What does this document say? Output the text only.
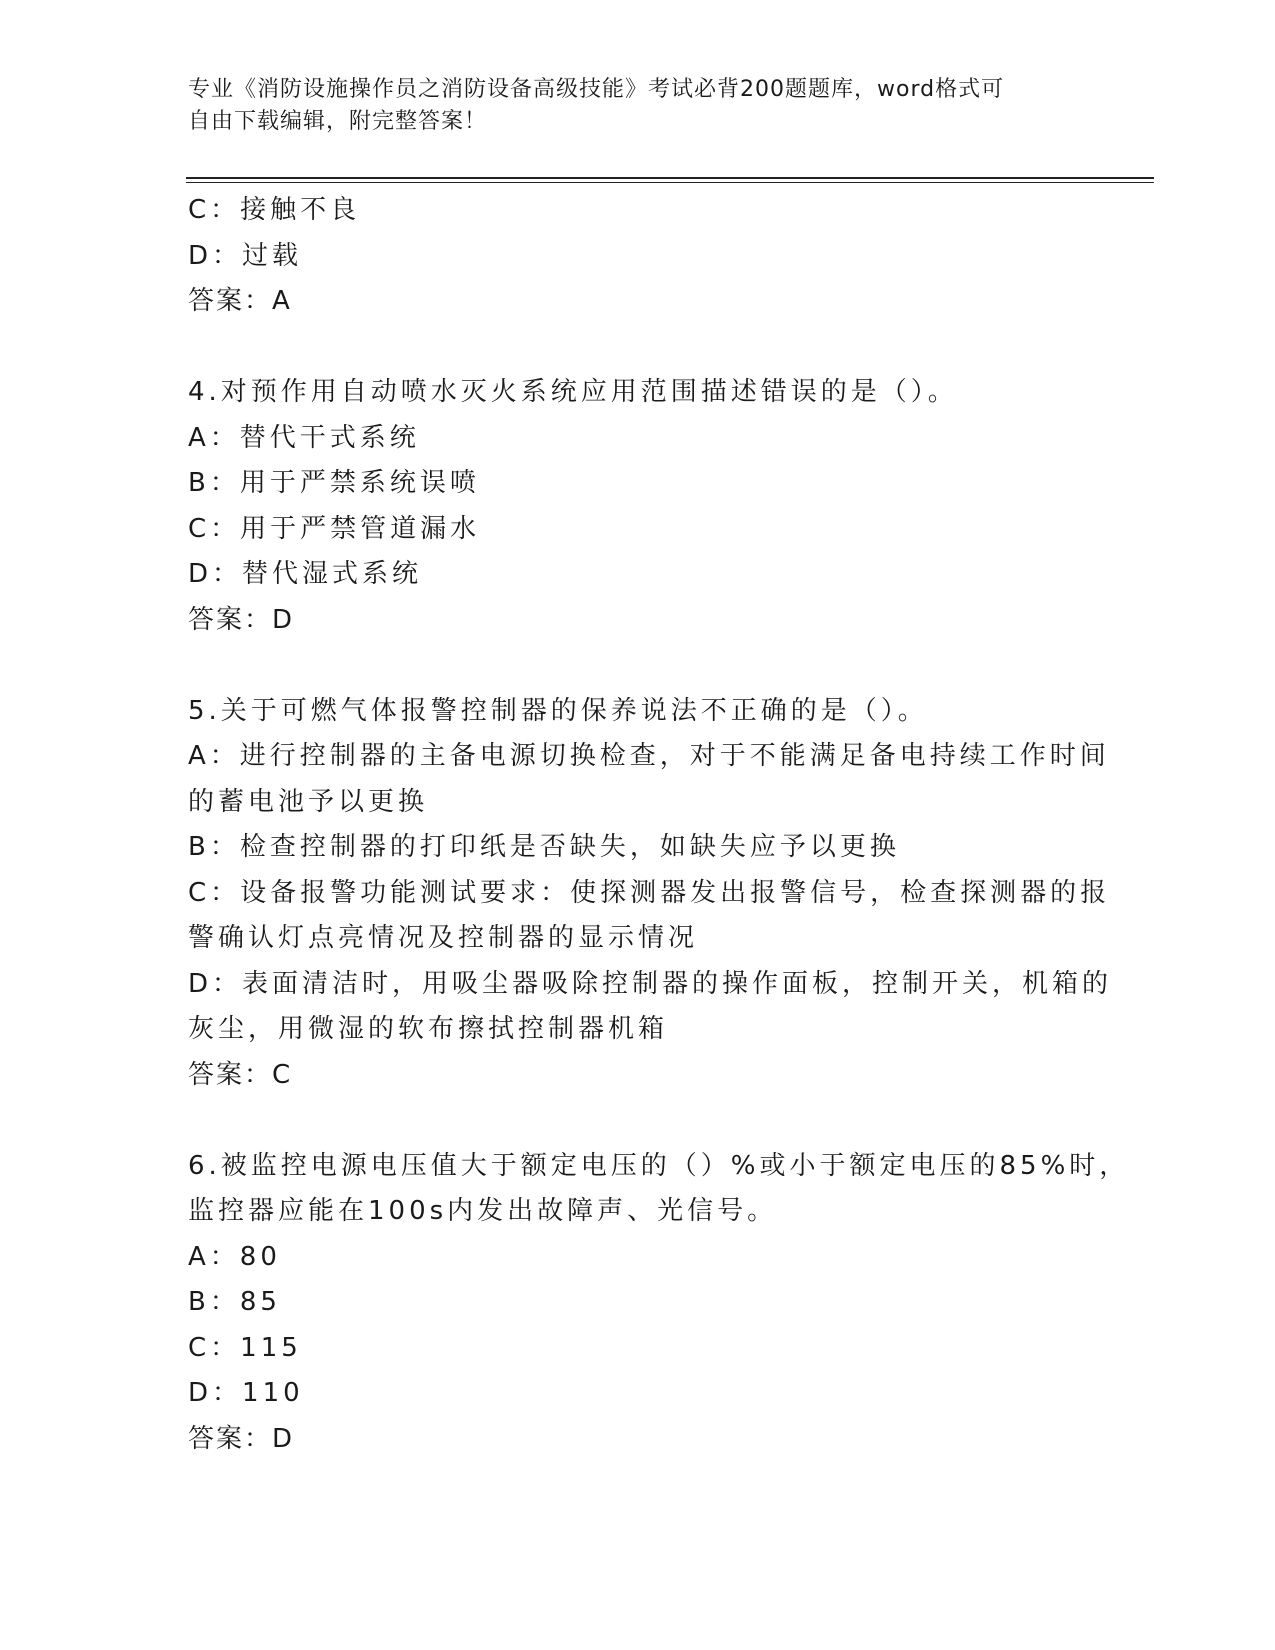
专业《消防设施操作员之消防设备高级技能》考试必背200题题库，word格式可
自由下载编辑，附完整答案！
C：接触不良
D：过载
答案：A
4.对预作用自动喷水灭火系统应用范围描述错误的是（）。
A：替代干式系统
B：用于严禁系统误喷
C：用于严禁管道漏水
D：替代湿式系统
答案：D
5.关于可燃气体报警控制器的保养说法不正确的是（）。
A：进行控制器的主备电源切换检查，对于不能满足备电持续工作时间
的蓄电池予以更换
B：检查控制器的打印纸是否缺失，如缺失应予以更换
C：设备报警功能测试要求：使探测器发出报警信号，检查探测器的报
警确认灯点亮情况及控制器的显示情况
D：表面清洁时，用吸尘器吸除控制器的操作面板，控制开关，机箱的
灰尘，用微湿的软布擦拭控制器机箱
答案：C
6.被监控电源电压值大于额定电压的（）%或小于额定电压的85%时，
监控器应能在100s内发出故障声、光信号。
A：80
B：85
C：115
D：110
答案：D
